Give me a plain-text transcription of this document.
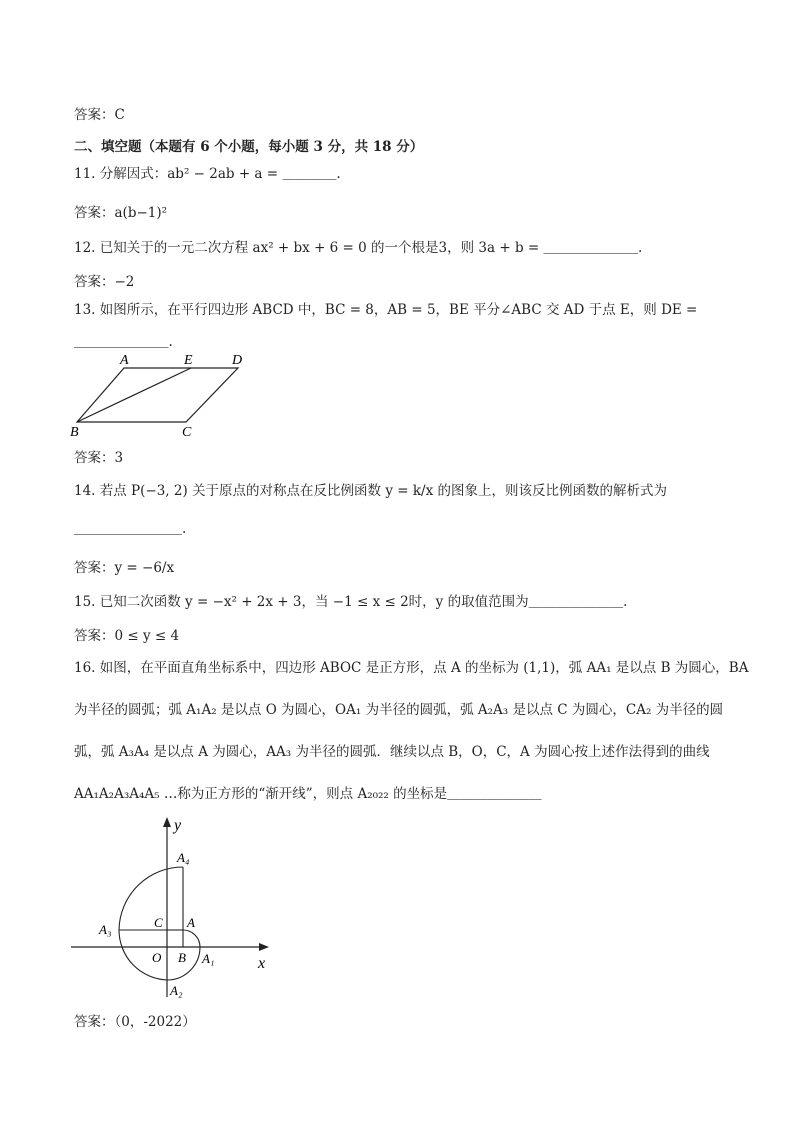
答案：C
二、填空题（本题有 6 个小题，每小题 3 分，共 18 分）
11. 分解因式：ab² − 2ab + a = ＿＿＿＿.
答案：a(b−1)²
12. 已知关于的一元二次方程 ax² + bx + 6 = 0 的一个根是3，则 3a + b = ＿＿＿＿＿＿＿.
答案：−2
13. 如图所示，在平行四边形 ABCD 中，BC = 8，AB = 5，BE 平分∠ABC 交 AD 于点 E，则 DE =
＿＿＿＿＿＿＿.
A	E	D
B	C
答案：3
14. 若点 P(−3, 2) 关于原点的对称点在反比例函数 y = k/x 的图象上，则该反比例函数的解析式为
＿＿＿＿＿＿＿＿.
答案：y = −6/x
15. 已知二次函数 y = −x² + 2x + 3，当 −1 ≤ x ≤ 2时，y 的取值范围为＿＿＿＿＿＿＿.
答案：0 ≤ y ≤ 4
16. 如图，在平面直角坐标系中，四边形 ABOC 是正方形，点 A 的坐标为 (1,1)，弧 AA₁ 是以点 B 为圆心，BA
为半径的圆弧；弧 A₁A₂ 是以点 O 为圆心，OA₁ 为半径的圆弧，弧 A₂A₃ 是以点 C 为圆心，CA₂ 为半径的圆
弧，弧 A₃A₄ 是以点 A 为圆心，AA₃ 为半径的圆弧．继续以点 B，O，C，A 为圆心按上述作法得到的曲线
AA₁A₂A₃A₄A₅ …称为正方形的“渐开线”，则点 A₂₀₂₂ 的坐标是＿＿＿＿＿＿＿
y
x
A₄
C A
A₃
O B A₁
A₂
答案：（0，-2022）
